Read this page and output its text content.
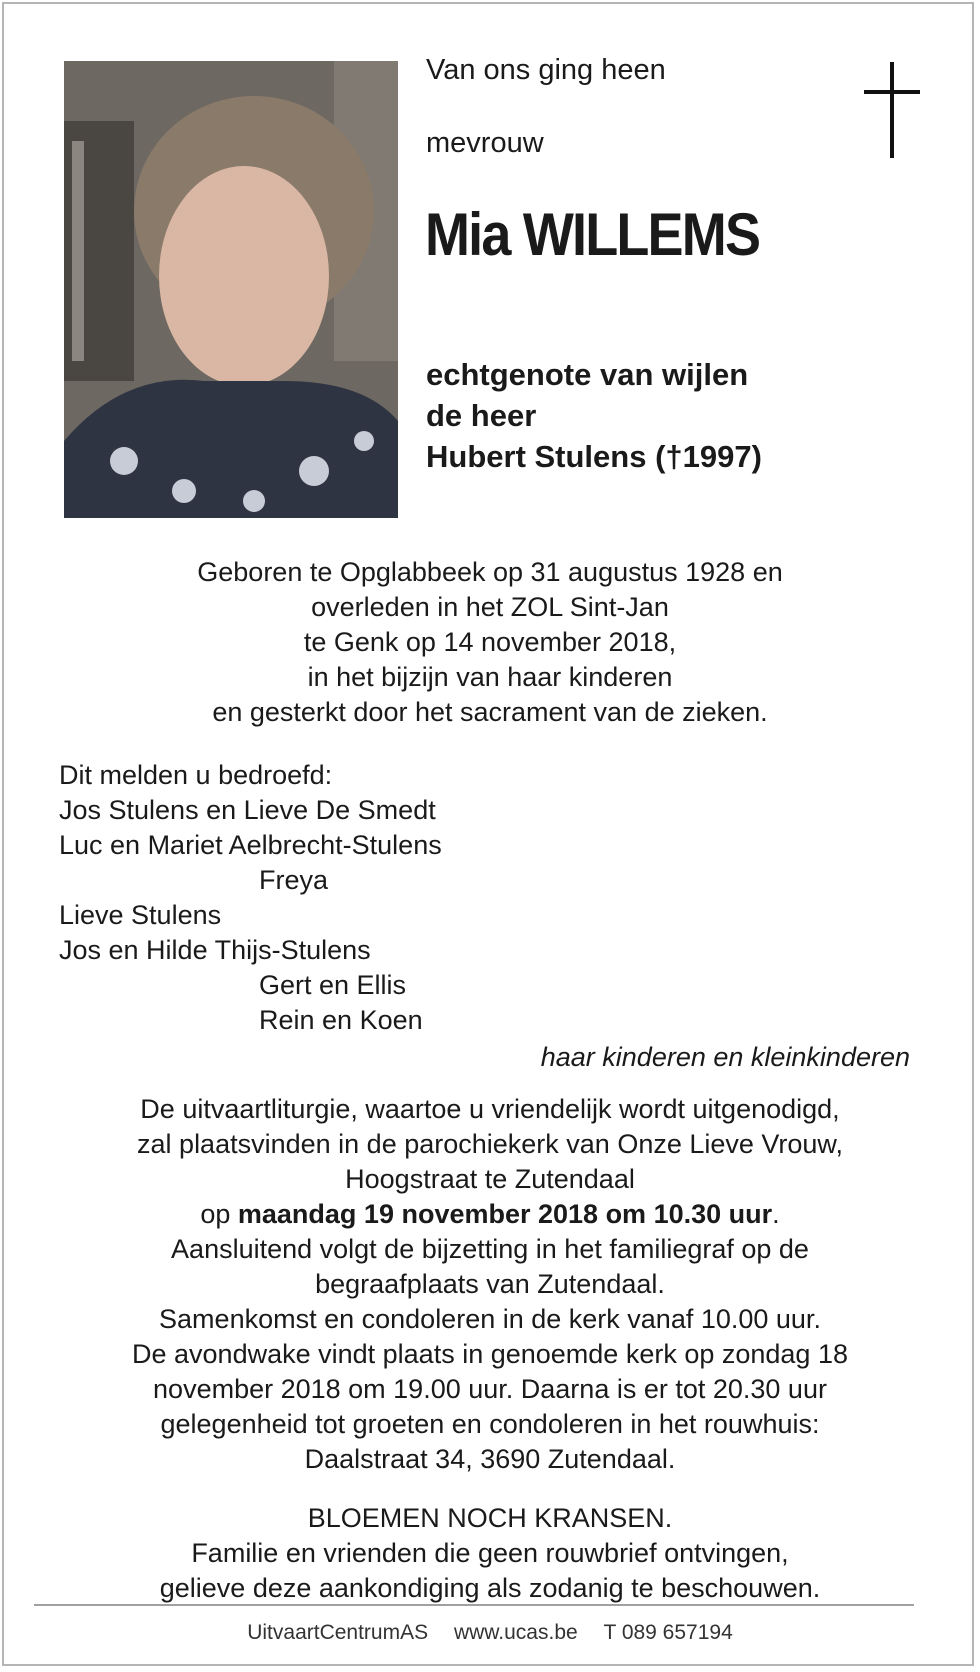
Van ons ging heen
mevrouw
Mia WILLEMS
echtgenote van wijlen
de heer
Hubert Stulens (†1997)
Geboren te Opglabbeek op 31 augustus 1928 en
overleden in het ZOL Sint-Jan
te Genk op 14 november 2018,
in het bijzijn van haar kinderen
en gesterkt door het sacrament van de zieken.
Dit melden u bedroefd:
Jos Stulens en Lieve De Smedt
Luc en Mariet Aelbrecht-Stulens
Freya
Lieve Stulens
Jos en Hilde Thijs-Stulens
Gert en Ellis
Rein en Koen
haar kinderen en kleinkinderen
De uitvaartliturgie, waartoe u vriendelijk wordt uitgenodigd,
zal plaatsvinden in de parochiekerk van Onze Lieve Vrouw,
Hoogstraat te Zutendaal
op maandag 19 november 2018 om 10.30 uur.
Aansluitend volgt de bijzetting in het familiegraf op de
begraafplaats van Zutendaal.
Samenkomst en condoleren in de kerk vanaf 10.00 uur.
De avondwake vindt plaats in genoemde kerk op zondag 18
november 2018 om 19.00 uur. Daarna is er tot 20.30 uur
gelegenheid tot groeten en condoleren in het rouwhuis:
Daalstraat 34, 3690 Zutendaal.
BLOEMEN NOCH KRANSEN.
Familie en vrienden die geen rouwbrief ontvingen,
gelieve deze aankondiging als zodanig te beschouwen.
UitvaartCentrumAS www.ucas.be T 089 657194
